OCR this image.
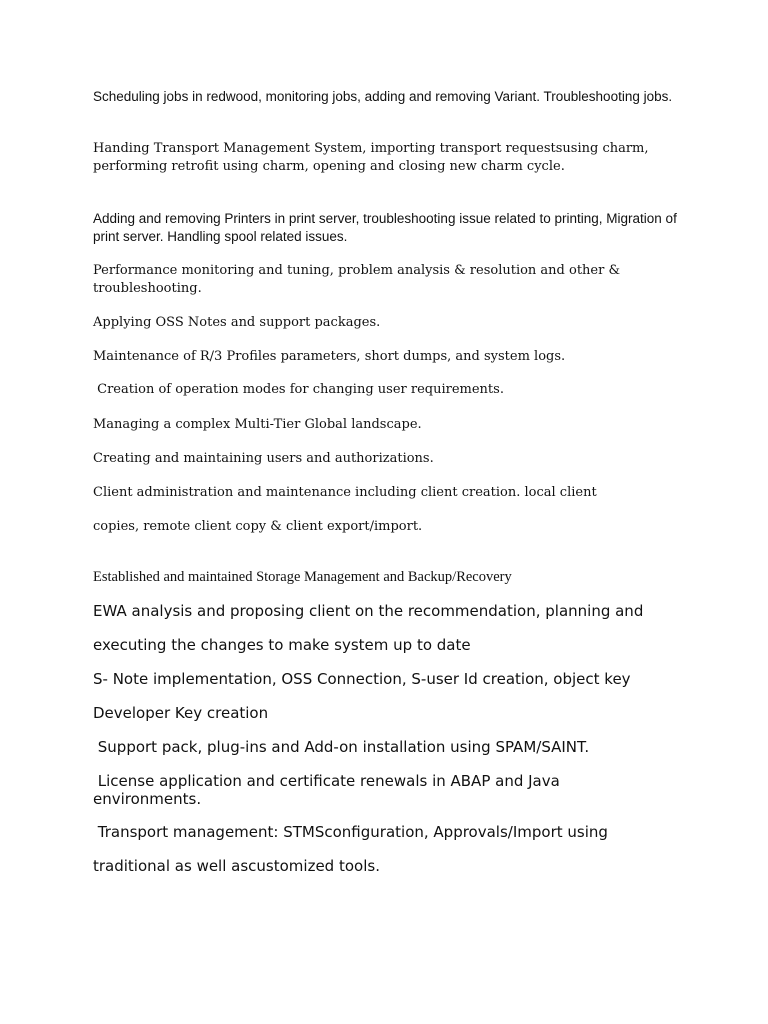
Scheduling jobs in redwood, monitoring jobs, adding and removing Variant. Troubleshooting jobs.

Handing Transport Management System, importing transport requestsusing charm, performing retrofit using charm, opening and closing new charm cycle.

Adding and removing Printers in print server, troubleshooting issue related to printing, Migration of print server. Handling spool related issues.

Performance monitoring and tuning, problem analysis & resolution and other & troubleshooting.

Applying OSS Notes and support packages.

Maintenance of R/3 Profiles parameters, short dumps, and system logs.

Creation of operation modes for changing user requirements.

Managing a complex Multi-Tier Global landscape.

Creating and maintaining users and authorizations.

Client administration and maintenance including client creation. local client

copies, remote client copy & client export/import.

Established and maintained Storage Management and Backup/Recovery

EWA analysis and proposing client on the recommendation, planning and

executing the changes to make system up to date

S- Note implementation, OSS Connection, S-user Id creation, object key

Developer Key creation

Support pack, plug-ins and Add-on installation using SPAM/SAINT.

License application and certificate renewals in ABAP and Java environments.

Transport management: STMSconfiguration, Approvals/Import using

traditional as well ascustomized tools.
